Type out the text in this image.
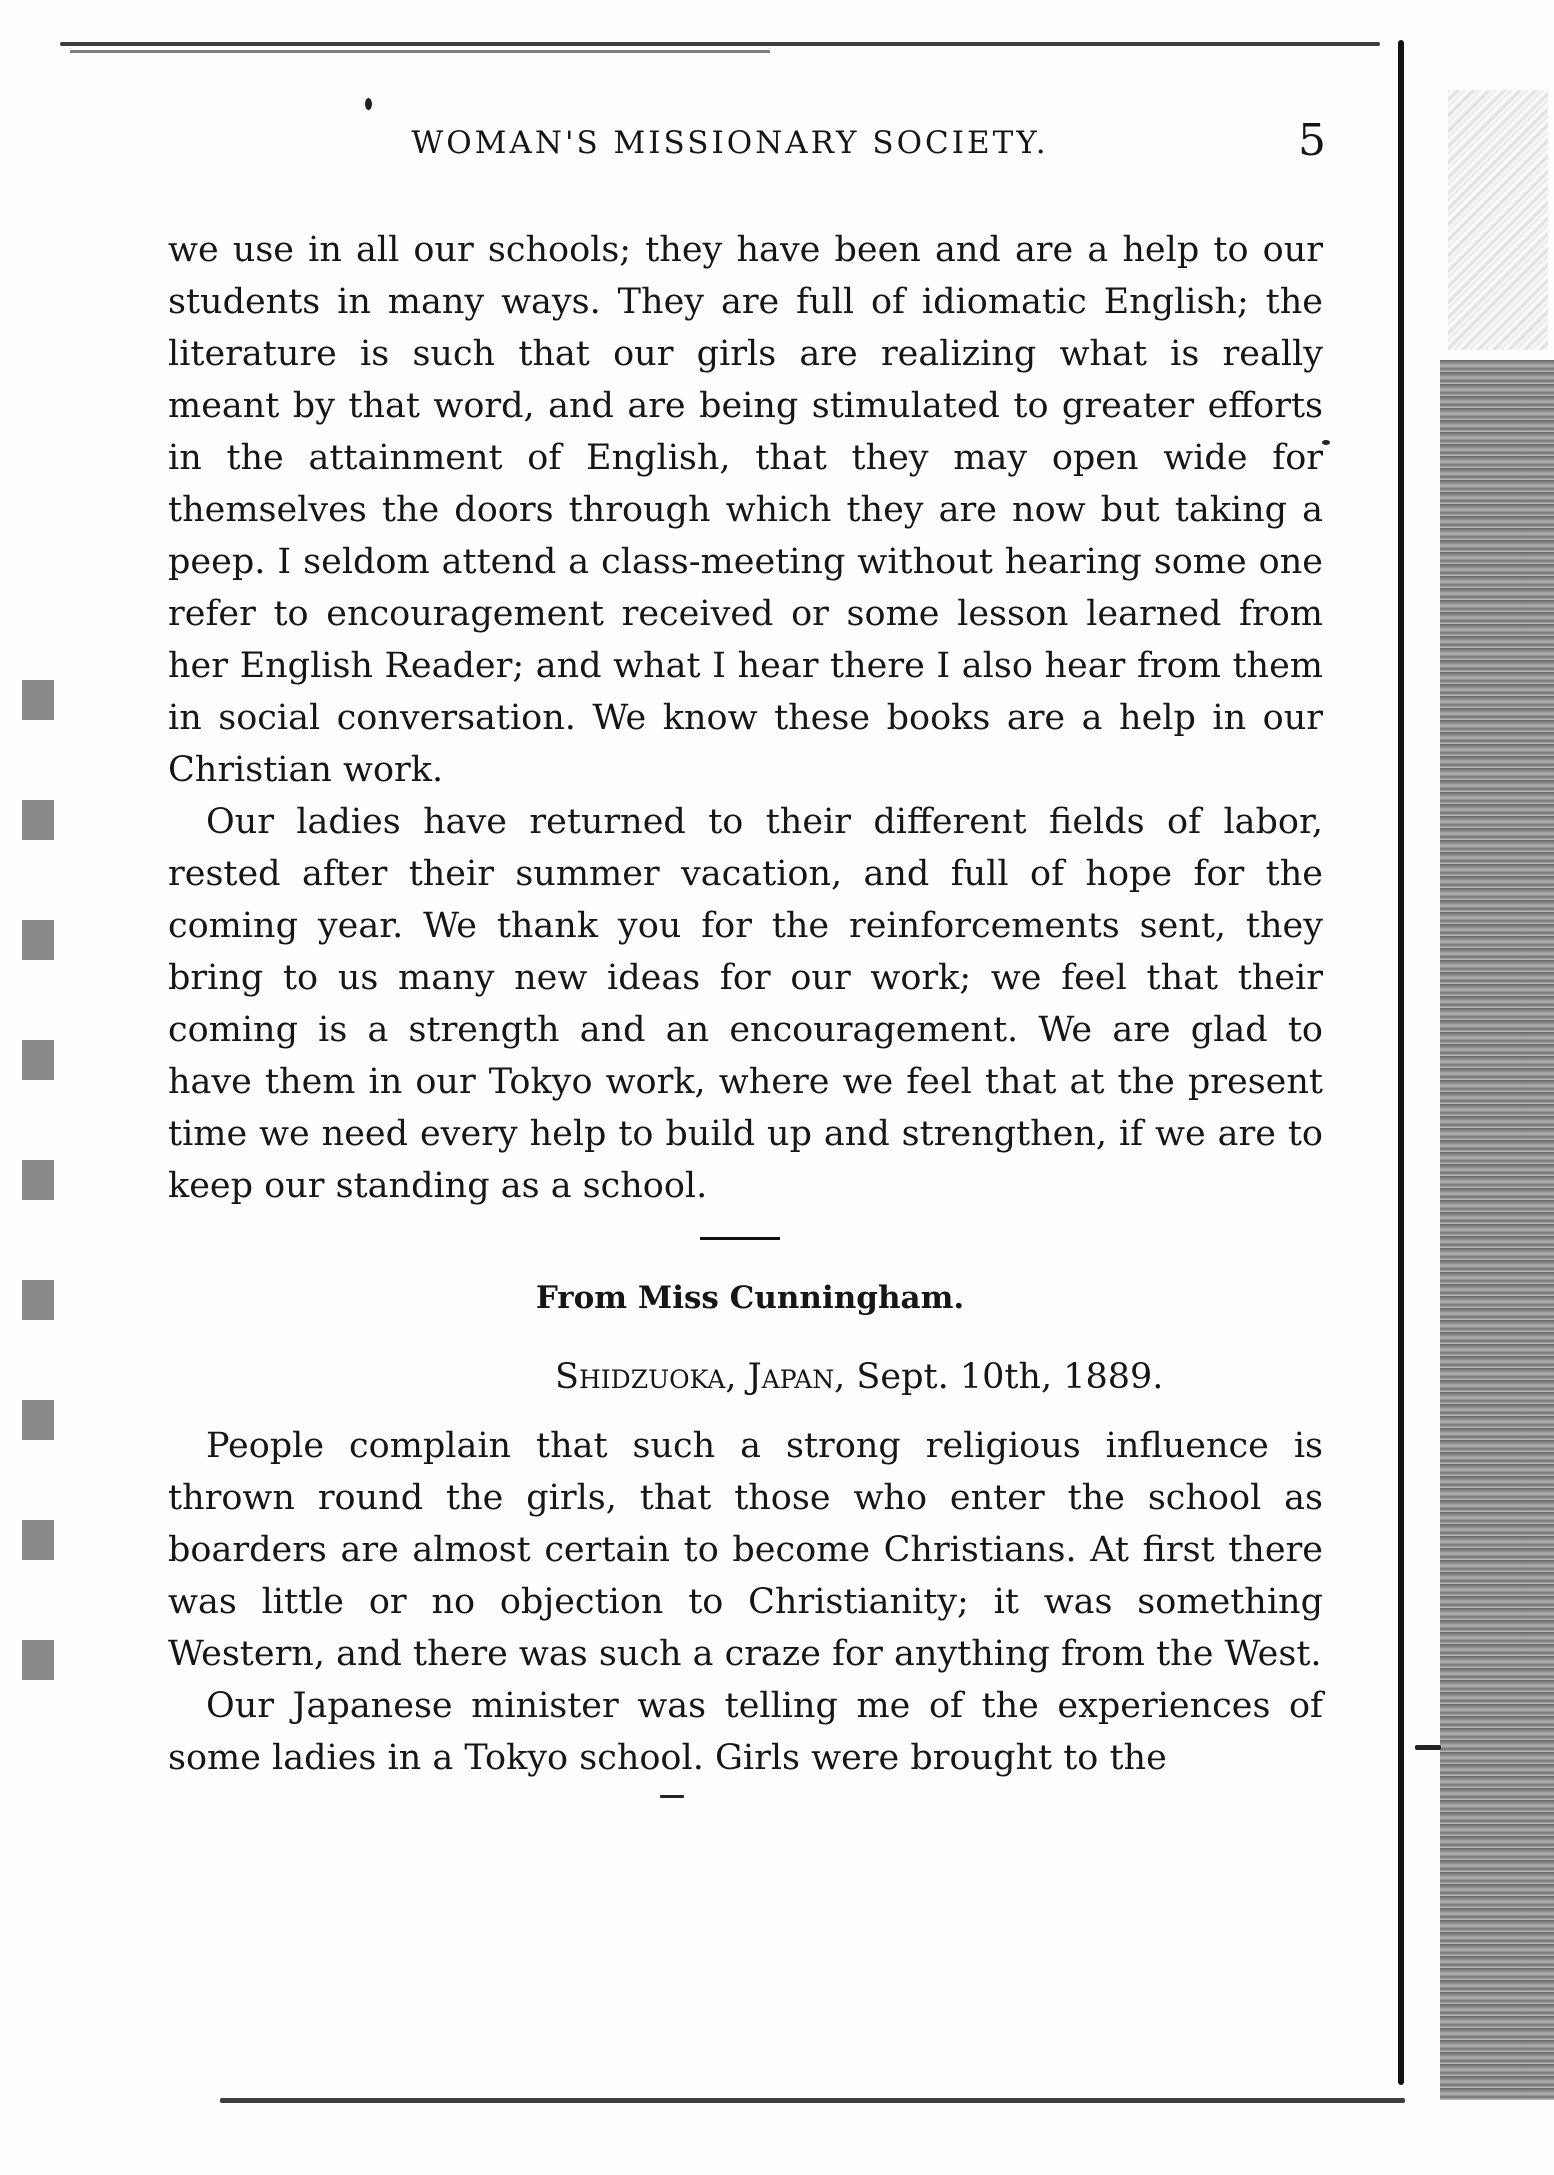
WOMAN'S MISSIONARY SOCIETY.	5

we use in all our schools; they have been and are a help to our students in many ways. They are full of idiomatic English; the literature is such that our girls are realizing what is really meant by that word, and are being stimulated to greater efforts in the attainment of English, that they may open wide for themselves the doors through which they are now but taking a peep. I seldom attend a class-meeting without hearing some one refer to encouragement received or some lesson learned from her English Reader; and what I hear there I also hear from them in social conversation. We know these books are a help in our Christian work.

Our ladies have returned to their different fields of labor, rested after their summer vacation, and full of hope for the coming year. We thank you for the reinforcements sent, they bring to us many new ideas for our work; we feel that their coming is a strength and an encouragement. We are glad to have them in our Tokyo work, where we feel that at the present time we need every help to build up and strengthen, if we are to keep our standing as a school.

From Miss Cunningham.
Shidzuoka, Japan, Sept. 10th, 1889.

People complain that such a strong religious influence is thrown round the girls, that those who enter the school as boarders are almost certain to become Christians. At first there was little or no objection to Christianity; it was something Western, and there was such a craze for anything from the West.

Our Japanese minister was telling me of the experiences of some ladies in a Tokyo school. Girls were brought to the
